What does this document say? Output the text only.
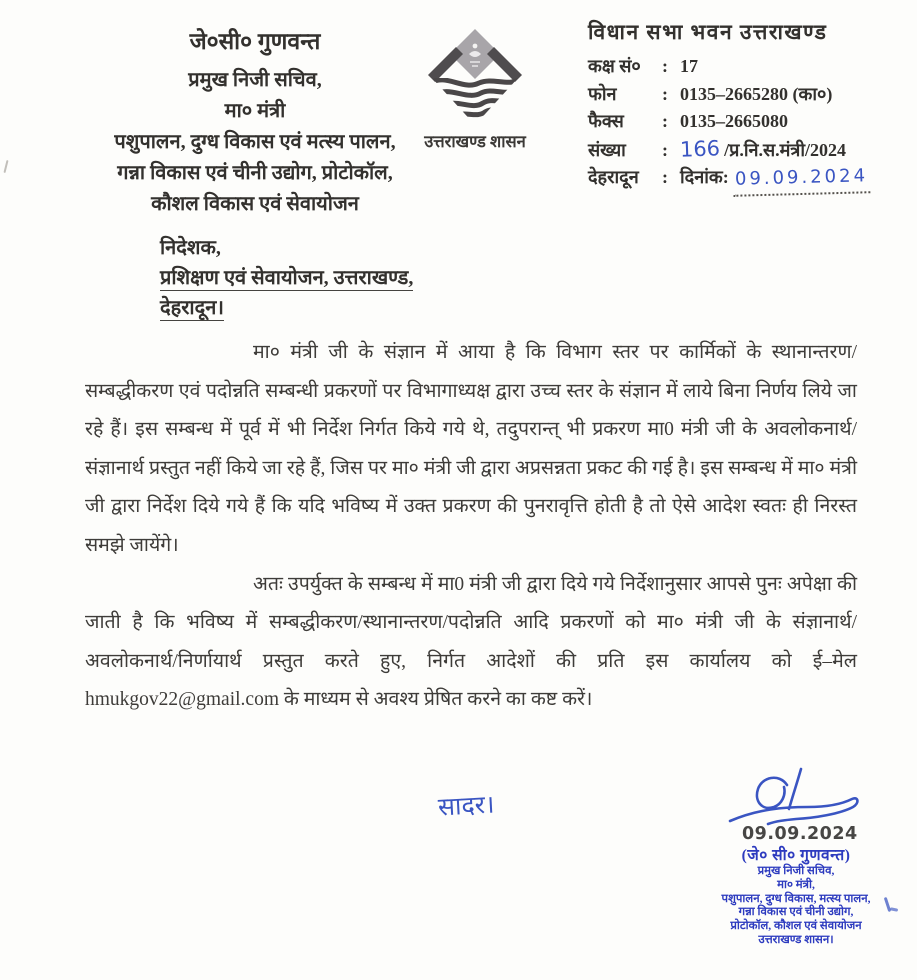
जे०सी० गुणवन्त
प्रमुख निजी सचिव,
मा० मंत्री
पशुपालन, दुग्ध विकास एवं मत्स्य पालन,
गन्ना विकास एवं चीनी उद्योग, प्रोटोकॉल,
कौशल विकास एवं सेवायोजन
उत्तराखण्ड शासन
विधान सभा भवन उत्तराखण्ड
कक्ष सं०	: 17
फोन	: 0135–2665280 (का०)
फैक्स	: 0135–2665080
संख्या	: 166 /प्र.नि.स.मंत्री/2024
देहरादून	: दिनांक: 09.09.2024
निदेशक,
प्रशिक्षण एवं सेवायोजन, उत्तराखण्ड,
देहरादून।

मा० मंत्री जी के संज्ञान में आया है कि विभाग स्तर पर कार्मिकों के स्थानान्तरण/सम्बद्धीकरण एवं पदोन्नति सम्बन्धी प्रकरणों पर विभागाध्यक्ष द्वारा उच्च स्तर के संज्ञान में लाये बिना निर्णय लिये जा रहे हैं। इस सम्बन्ध में पूर्व में भी निर्देश निर्गत किये गये थे, तदुपरान्त् भी प्रकरण मा0 मंत्री जी के अवलोकनार्थ/संज्ञानार्थ प्रस्तुत नहीं किये जा रहे हैं, जिस पर मा० मंत्री जी द्वारा अप्रसन्नता प्रकट की गई है। इस सम्बन्ध में मा० मंत्री जी द्वारा निर्देश दिये गये हैं कि यदि भविष्य में उक्त प्रकरण की पुनरावृत्ति होती है तो ऐसे आदेश स्वतः ही निरस्त समझे जायेंगे।

अतः उपर्युक्त के सम्बन्ध में मा0 मंत्री जी द्वारा दिये गये निर्देशानुसार आपसे पुनः अपेक्षा की जाती है कि भविष्य में सम्बद्धीकरण/स्थानान्तरण/पदोन्नति आदि प्रकरणों को मा० मंत्री जी के संज्ञानार्थ/अवलोकनार्थ/निर्णायार्थ प्रस्तुत करते हुए, निर्गत आदेशों की प्रति इस कार्यालय को ई–मेल hmukgov22@gmail.com के माध्यम से अवश्य प्रेषित करने का कष्ट करें।

सादर।
09.09.2024
(जे० सी० गुणवन्त)
प्रमुख निजी सचिव,
मा० मंत्री,
पशुपालन, दुग्ध विकास, मत्स्य पालन,
गन्ना विकास एवं चीनी उद्योग,
प्रोटोकॉल, कौशल एवं सेवायोजन
उत्तराखण्ड शासन।
